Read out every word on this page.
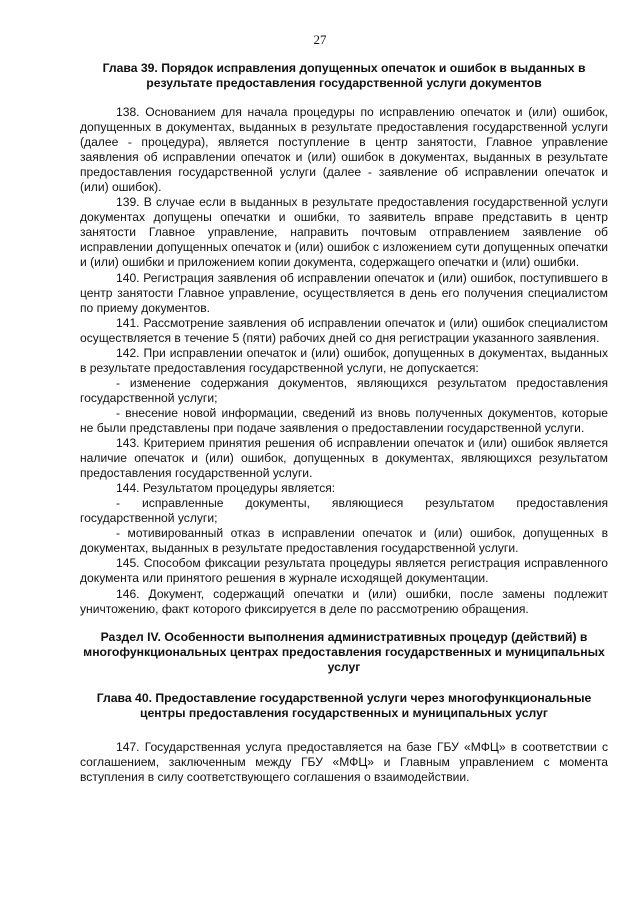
27
Глава 39. Порядок исправления допущенных опечаток и ошибок в выданных в результате предоставления государственной услуги документов

138. Основанием для начала процедуры по исправлению опечаток и (или) ошибок, допущенных в документах, выданных в результате предоставления государственной услуги (далее - процедура), является поступление в центр занятости, Главное управление заявления об исправлении опечаток и (или) ошибок в документах, выданных в результате предоставления государственной услуги (далее - заявление об исправлении опечаток и (или) ошибок).

139. В случае если в выданных в результате предоставления государственной услуги документах допущены опечатки и ошибки, то заявитель вправе представить в центр занятости Главное управление, направить почтовым отправлением заявление об исправлении допущенных опечаток и (или) ошибок с изложением сути допущенных опечатки и (или) ошибки и приложением копии документа, содержащего опечатки и (или) ошибки.

140. Регистрация заявления об исправлении опечаток и (или) ошибок, поступившего в центр занятости Главное управление, осуществляется в день его получения специалистом по приему документов.

141. Рассмотрение заявления об исправлении опечаток и (или) ошибок специалистом осуществляется в течение 5 (пяти) рабочих дней со дня регистрации указанного заявления.

142. При исправлении опечаток и (или) ошибок, допущенных в документах, выданных в результате предоставления государственной услуги, не допускается:

- изменение содержания документов, являющихся результатом предоставления государственной услуги;

- внесение новой информации, сведений из вновь полученных документов, которые не были представлены при подаче заявления о предоставлении государственной услуги.

143. Критерием принятия решения об исправлении опечаток и (или) ошибок является наличие опечаток и (или) ошибок, допущенных в документах, являющихся результатом предоставления государственной услуги.

144. Результатом процедуры является:

- исправленные документы, являющиеся результатом предоставления государственной услуги;

- мотивированный отказ в исправлении опечаток и (или) ошибок, допущенных в документах, выданных в результате предоставления государственной услуги.

145. Способом фиксации результата процедуры является регистрация исправленного документа или принятого решения в журнале исходящей документации.

146. Документ, содержащий опечатки и (или) ошибки, после замены подлежит уничтожению, факт которого фиксируется в деле по рассмотрению обращения.

Раздел IV. Особенности выполнения административных процедур (действий) в многофункциональных центрах предоставления государственных и муниципальных услуг
Глава 40. Предоставление государственной услуги через многофункциональные центры предоставления государственных и муниципальных услуг

147. Государственная услуга предоставляется на базе ГБУ «МФЦ» в соответствии с соглашением, заключенным между ГБУ «МФЦ» и Главным управлением с момента вступления в силу соответствующего соглашения о взаимодействии.
